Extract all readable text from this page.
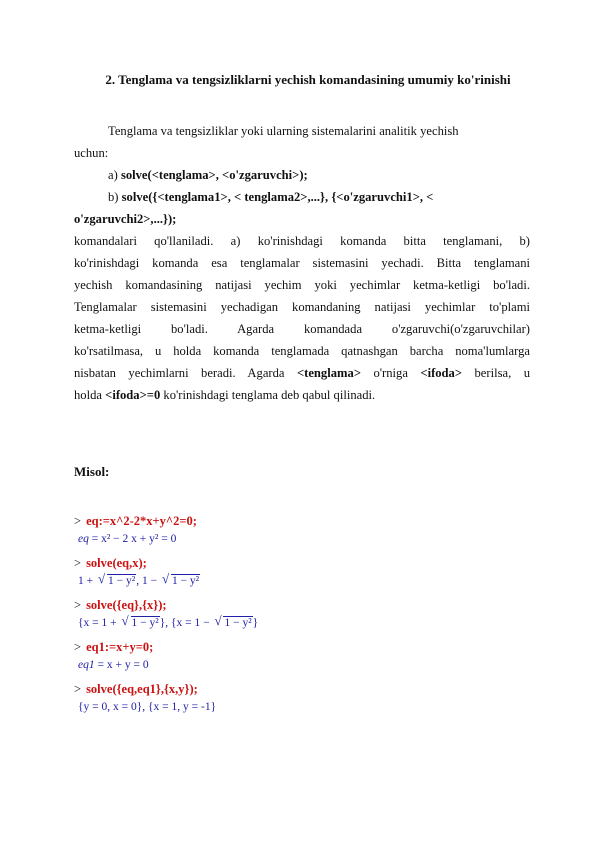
2. Tenglama va tengsizliklarni yechish komandasining umumiy ko'rinishi
Tenglama va tengsizliklar yoki ularning sistemalarini analitik yechish
uchun:
a) solve(<tenglama>, <o'zgaruvchi>);
b) solve({<tenglama1>, < tenglama2>,...}, {<o'zgaruvchi1>, <
o'zgaruvchi2>,...});
komandalari qo'llaniladi. a) ko'rinishdagi komanda bitta tenglamani, b)
ko'rinishdagi komanda esa tenglamalar sistemasini yechadi. Bitta tenglamani
yechish komandasining natijasi yechim yoki yechimlar ketma-ketligi bo'ladi.
Tenglamalar sistemasini yechadigan komandaning natijasi yechimlar to'plami
ketma-ketligi bo'ladi. Agarda komandada o'zgaruvchi(o'zgaruvchilar)
ko'rsatilmasa, u holda komanda tenglamada qatnashgan barcha noma'lumlarga
nisbatan yechimlarni beradi. Agarda <tenglama> o'rniga <ifoda> berilsa, u
holda <ifoda>=0 ko'rinishdagi tenglama deb qabul qilinadi.
Misol:
> eq:=x^2-2*x+y^2=0;
eq = x² − 2 x + y² = 0
> solve(eq,x);
1 + √ 1 − y², 1 − √ 1 − y²
> solve({eq},{x});
{x = 1 + √ 1 − y²}, {x = 1 − √ 1 − y²}
> eq1:=x+y=0;
eq1 = x + y = 0
> solve({eq,eq1},{x,y});
{y = 0, x = 0}, {x = 1, y = -1}
